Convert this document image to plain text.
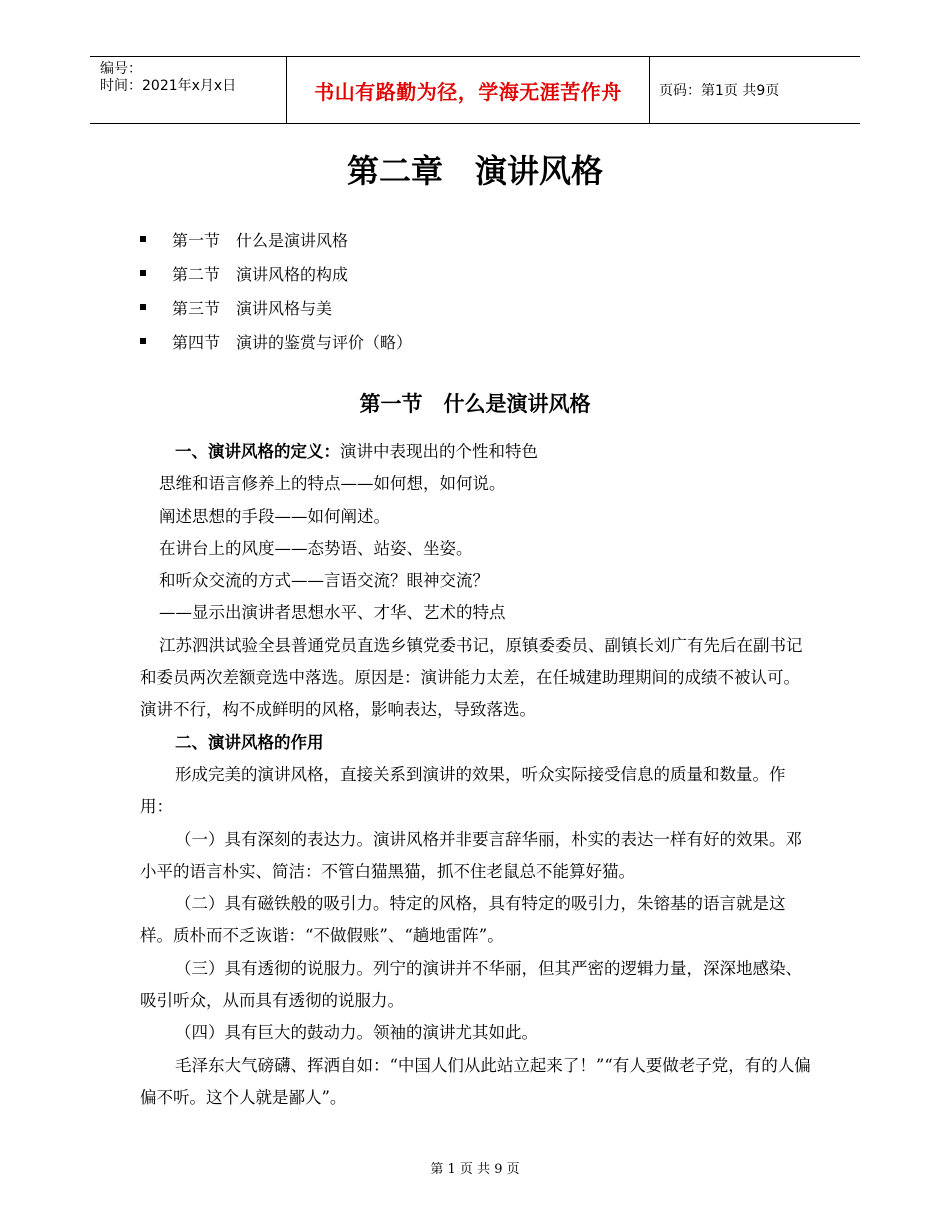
编号：
时间：2021年x月x日	书山有路勤为径，学海无涯苦作舟	页码：第1页 共9页
第二章　演讲风格
第一节　什么是演讲风格
第二节　演讲风格的构成
第三节　演讲风格与美
第四节　演讲的鉴赏与评价（略）
第一节　什么是演讲风格

一、演讲风格的定义：演讲中表现出的个性和特色

思维和语言修养上的特点——如何想，如何说。

阐述思想的手段——如何阐述。

在讲台上的风度——态势语、站姿、坐姿。

和听众交流的方式——言语交流？眼神交流？

——显示出演讲者思想水平、才华、艺术的特点

江苏泗洪试验全县普通党员直选乡镇党委书记，原镇委委员、副镇长刘广有先后在副书记和委员两次差额竞选中落选。原因是：演讲能力太差，在任城建助理期间的成绩不被认可。演讲不行，构不成鲜明的风格，影响表达，导致落选。

二、演讲风格的作用

形成完美的演讲风格，直接关系到演讲的效果，听众实际接受信息的质量和数量。作用：

（一）具有深刻的表达力。演讲风格并非要言辞华丽，朴实的表达一样有好的效果。邓小平的语言朴实、简洁：不管白猫黑猫，抓不住老鼠总不能算好猫。

（二）具有磁铁般的吸引力。特定的风格，具有特定的吸引力，朱镕基的语言就是这样。质朴而不乏诙谐：“不做假账”、“趟地雷阵”。

（三）具有透彻的说服力。列宁的演讲并不华丽，但其严密的逻辑力量，深深地感染、吸引听众，从而具有透彻的说服力。

（四）具有巨大的鼓动力。领袖的演讲尤其如此。

毛泽东大气磅礴、挥洒自如：“中国人们从此站立起来了！”“有人要做老子党，有的人偏偏不听。这个人就是鄙人”。

第 1 页 共 9 页
